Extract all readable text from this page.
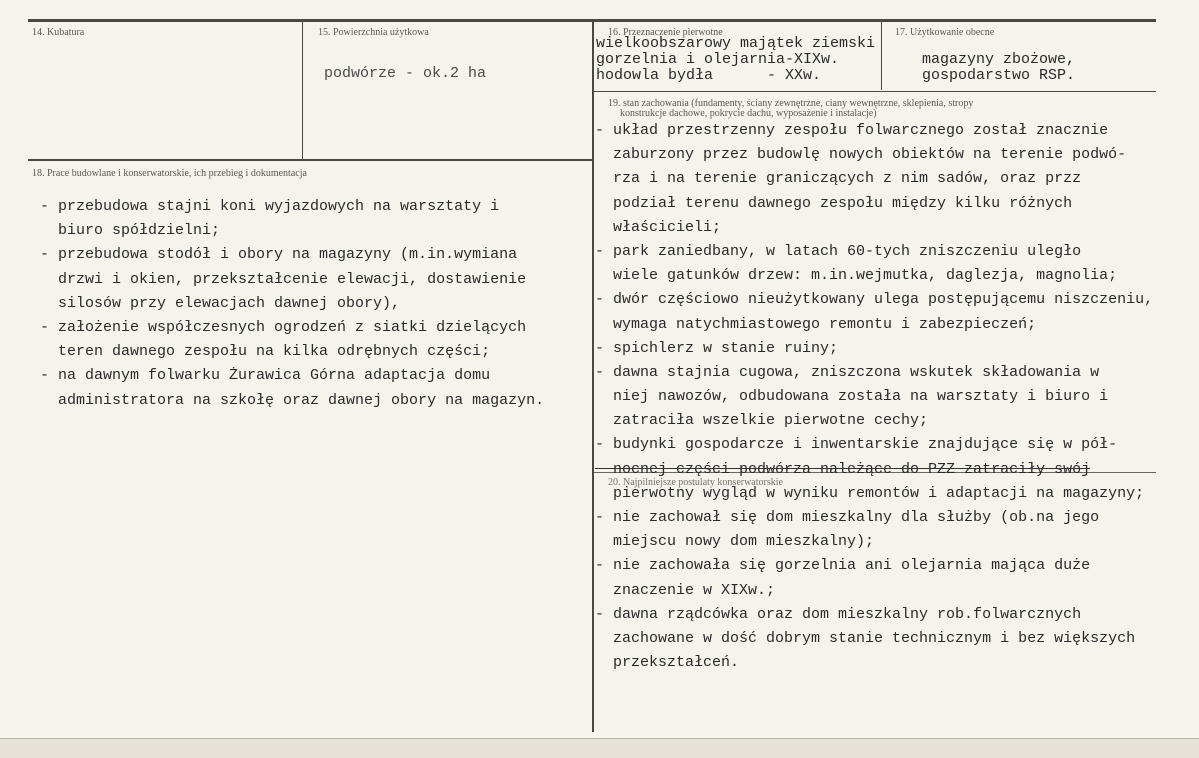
14. Kubatura	15. Powierzchnia użytkowa
podwórze - ok.2 ha
16. Przeznaczenie pierwotne
wielkoobszarowy majątek ziemski
gorzelnia i olejarnia-XIXw.
hodowla bydła      - XXw.
17. Użytkowanie obecne
magazyny zbożowe,
gospodarstwo RSP.
18. Prace budowlane i konserwatorskie, ich przebieg i dokumentacja
- przebudowa stajni koni wyjazdowych na warsztaty i
biuro spółdzielni;
- przebudowa stodół i obory na magazyny (m.in.wymiana
drzwi i okien, przekształcenie elewacji, dostawienie
silosów przy elewacjach dawnej obory),
- założenie współczesnych ogrodzeń z siatki dzielących
teren dawnego zespołu na kilka odrębnych części;
- na dawnym folwarku Żurawica Górna adaptacja domu
administratora na szkołę oraz dawnej obory na magazyn.
19. stan zachowania (fundamenty, ściany zewnętrzne, ciany wewnętrzne, sklepienia, stropy
konstrukcje dachowe, pokrycie dachu, wyposażenie i instalacje)
- układ przestrzenny zespołu folwarcznego został znacznie
zaburzony przez budowlę nowych obiektów na terenie podwó-
rza i na terenie graniczących z nim sadów, oraz przz
podział terenu dawnego zespołu między kilku różnych
właścicieli;
- park zaniedbany, w latach 60-tych zniszczeniu uległo
wiele gatunków drzew: m.in.wejmutka, daglezja, magnolia;
- dwór częściowo nieużytkowany ulega postępującemu niszczeniu,
wymaga natychmiastowego remontu i zabezpieczeń;
- spichlerz w stanie ruiny;
- dawna stajnia cugowa, zniszczona wskutek składowania w
niej nawozów, odbudowana została na warsztaty i biuro i
zatraciła wszelkie pierwotne cechy;
- budynki gospodarcze i inwentarskie znajdujące się w pół-
nocnej części podwórza należące do PZZ zatraciły swój
pierwotny wygląd w wyniku remontów i adaptacji na magazyny;
- nie zachował się dom mieszkalny dla służby (ob.na jego
miejscu nowy dom mieszkalny);
- nie zachowała się gorzelnia ani olejarnia mająca duże
znaczenie w XIXw.;
- dawna rządcówka oraz dom mieszkalny rob.folwarcznych
zachowane w dość dobrym stanie technicznym i bez większych
przekształceń.
20. Najpilniejsze postulaty konserwatorskie
